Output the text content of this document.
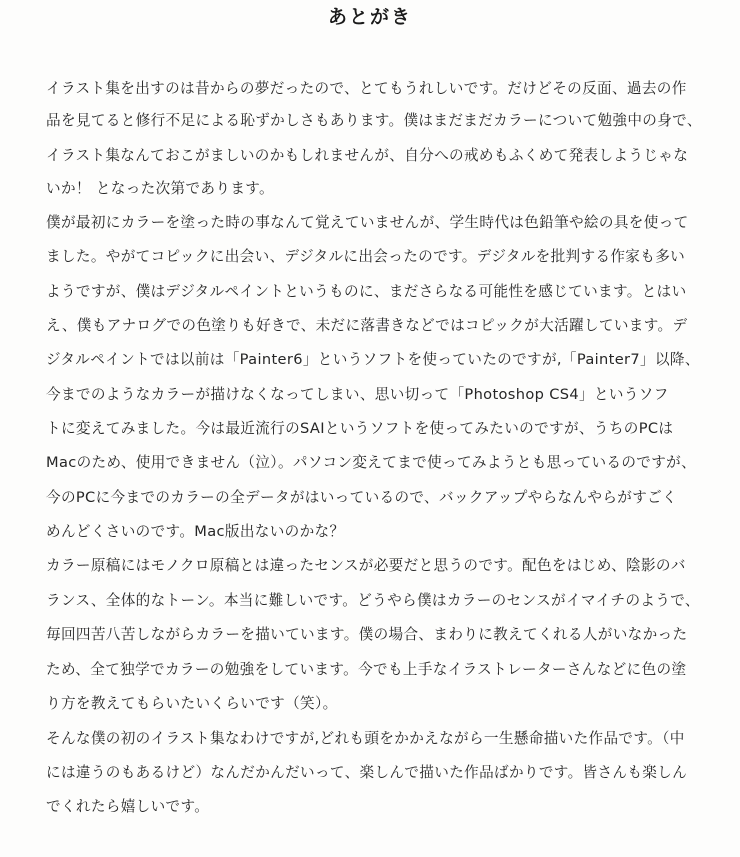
あとがき
イラスト集を出すのは昔からの夢だったので、とてもうれしいです。だけどその反面、過去の作
品を見てると修行不足による恥ずかしさもあります。僕はまだまだカラーについて勉強中の身で、
イラスト集なんておこがましいのかもしれませんが、自分への戒めもふくめて発表しようじゃな
いか！ となった次第であります。
僕が最初にカラーを塗った時の事なんて覚えていませんが、学生時代は色鉛筆や絵の具を使って
ました。やがてコピックに出会い、デジタルに出会ったのです。デジタルを批判する作家も多い
ようですが、僕はデジタルペイントというものに、まださらなる可能性を感じています。とはい
え、僕もアナログでの色塗りも好きで、未だに落書きなどではコピックが大活躍しています。デ
ジタルペイントでは以前は「Painter6」というソフトを使っていたのですが,「Painter7」以降、
今までのようなカラーが描けなくなってしまい、思い切って「Photoshop CS4」というソフ
トに変えてみました。今は最近流行のSAIというソフトを使ってみたいのですが、うちのPCは
Macのため、使用できません（泣）。パソコン変えてまで使ってみようとも思っているのですが、
今のPCに今までのカラーの全データがはいっているので、バックアップやらなんやらがすごく
めんどくさいのです。Mac版出ないのかな？
カラー原稿にはモノクロ原稿とは違ったセンスが必要だと思うのです。配色をはじめ、陰影のバ
ランス、全体的なトーン。本当に難しいです。どうやら僕はカラーのセンスがイマイチのようで、
毎回四苦八苦しながらカラーを描いています。僕の場合、まわりに教えてくれる人がいなかった
ため、全て独学でカラーの勉強をしています。今でも上手なイラストレーターさんなどに色の塗
り方を教えてもらいたいくらいです（笑）。
そんな僕の初のイラスト集なわけですが,どれも頭をかかえながら一生懸命描いた作品です。（中
には違うのもあるけど）なんだかんだいって、楽しんで描いた作品ばかりです。皆さんも楽しん
でくれたら嬉しいです。
